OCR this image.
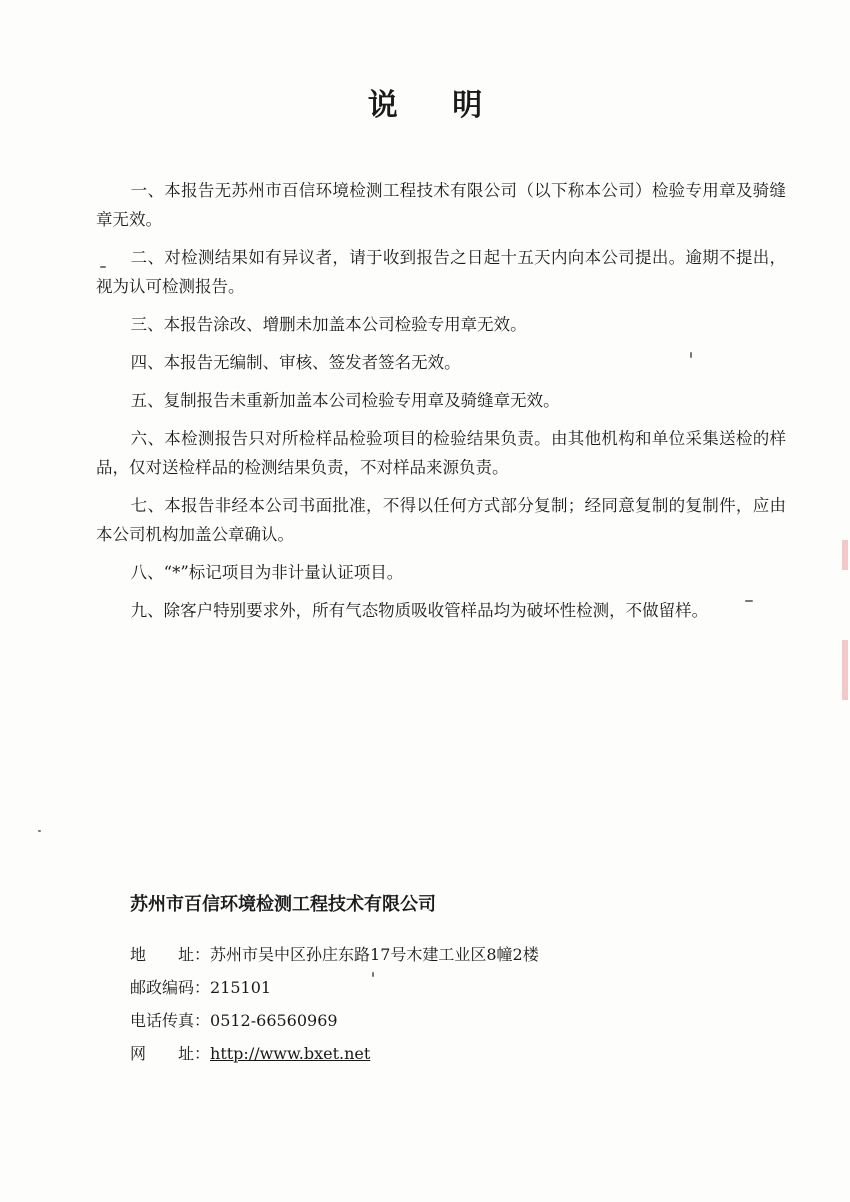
说 明

一、本报告无苏州市百信环境检测工程技术有限公司（以下称本公司）检验专用章及骑缝章无效。

二、对检测结果如有异议者，请于收到报告之日起十五天内向本公司提出。逾期不提出，视为认可检测报告。

三、本报告涂改、增删未加盖本公司检验专用章无效。

四、本报告无编制、审核、签发者签名无效。

五、复制报告未重新加盖本公司检验专用章及骑缝章无效。

六、本检测报告只对所检样品检验项目的检验结果负责。由其他机构和单位采集送检的样品，仅对送检样品的检测结果负责，不对样品来源负责。

七、本报告非经本公司书面批准，不得以任何方式部分复制；经同意复制的复制件，应由本公司机构加盖公章确认。

八、“*”标记项目为非计量认证项目。

九、除客户特别要求外，所有气态物质吸收管样品均为破坏性检测，不做留样。

苏州市百信环境检测工程技术有限公司
地　　址：苏州市吴中区孙庄东路17号木建工业区8幢2楼
邮政编码：215101
电话传真：0512-66560969
网　　址：http://www.bxet.net
